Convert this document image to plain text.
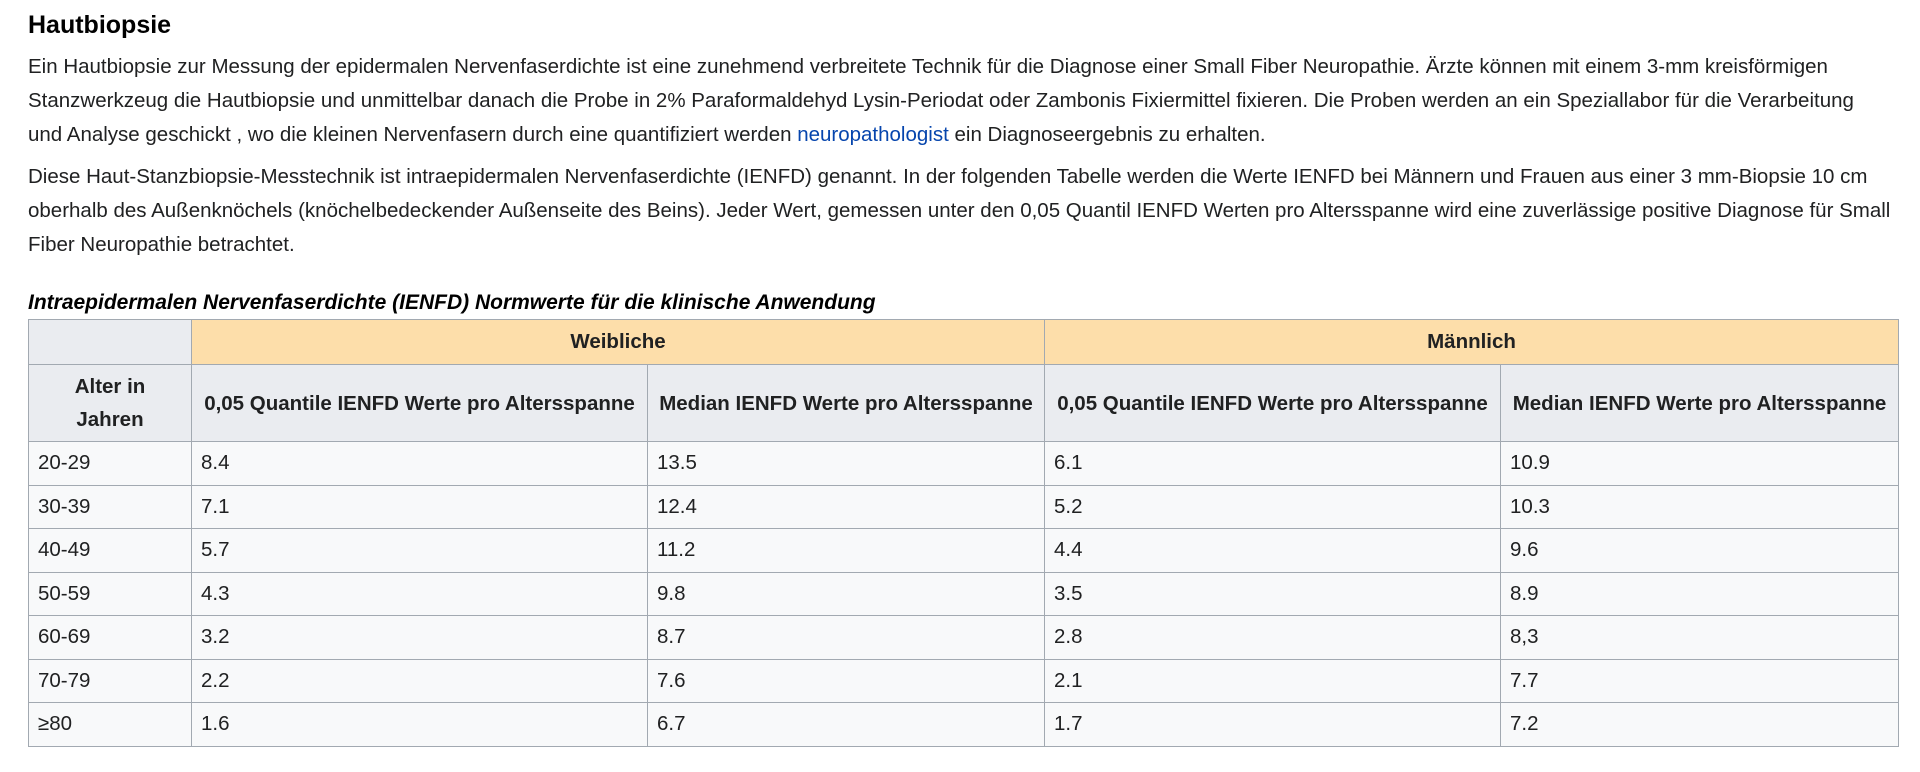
Hautbiopsie

Ein Hautbiopsie zur Messung der epidermalen Nervenfaserdichte ist eine zunehmend verbreitete Technik für die Diagnose einer Small Fiber Neuropathie. Ärzte können mit einem 3-mm kreisförmigen Stanzwerkzeug die Hautbiopsie und unmittelbar danach die Probe in 2% Paraformaldehyd Lysin-Periodat oder Zambonis Fixiermittel fixieren. Die Proben werden an ein Speziallabor für die Verarbeitung und Analyse geschickt , wo die kleinen Nervenfasern durch eine quantifiziert werden neuropathologist ein Diagnoseergebnis zu erhalten.

Diese Haut-Stanzbiopsie-Messtechnik ist intraepidermalen Nervenfaserdichte (IENFD) genannt. In der folgenden Tabelle werden die Werte IENFD bei Männern und Frauen aus einer 3 mm-Biopsie 10 cm oberhalb des Außenknöchels (knöchelbedeckender Außenseite des Beins). Jeder Wert, gemessen unter den 0,05 Quantil IENFD Werten pro Altersspanne wird eine zuverlässige positive Diagnose für Small Fiber Neuropathie betrachtet.

Intraepidermalen Nervenfaserdichte (IENFD) Normwerte für die klinische Anwendung
	Weibliche		Männlich	
Alter in Jahren	0,05 Quantile IENFD Werte pro Altersspanne	Median IENFD Werte pro Altersspanne	0,05 Quantile IENFD Werte pro Altersspanne	Median IENFD Werte pro Altersspanne
20-29	8.4	13.5	6.1	10.9
30-39	7.1	12.4	5.2	10.3
40-49	5.7	11.2	4.4	9.6
50-59	4.3	9.8	3.5	8.9
60-69	3.2	8.7	2.8	8,3
70-79	2.2	7.6	2.1	7.7
≥80	1.6	6.7	1.7	7.2
